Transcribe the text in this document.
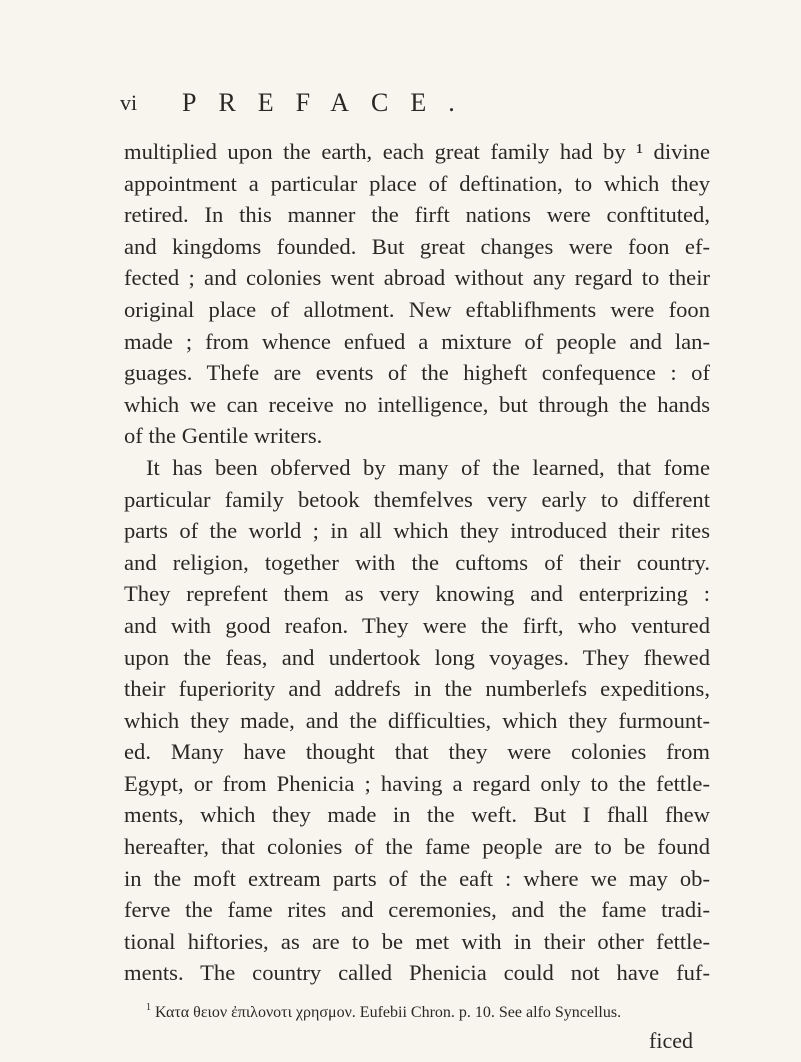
vi PREFACE.
multiplied upon the earth, each great family had by ¹ divine
appointment a particular place of deftination, to which they
retired. In this manner the firft nations were conftituted,
and kingdoms founded. But great changes were foon ef-
fected ; and colonies went abroad without any regard to their
original place of allotment. New eftablifhments were foon
made ; from whence enfued a mixture of people and lan-
guages. Thefe are events of the higheft confequence : of
which we can receive no intelligence, but through the hands
of the Gentile writers.
It has been obferved by many of the learned, that fome
particular family betook themfelves very early to different
parts of the world ; in all which they introduced their rites
and religion, together with the cuftoms of their country.
They reprefent them as very knowing and enterprizing :
and with good reafon. They were the firft, who ventured
upon the feas, and undertook long voyages. They fhewed
their fuperiority and addrefs in the numberlefs expeditions,
which they made, and the difficulties, which they furmount-
ed. Many have thought that they were colonies from
Egypt, or from Phenicia ; having a regard only to the fettle-
ments, which they made in the weft. But I fhall fhew
hereafter, that colonies of the fame people are to be found
in the moft extream parts of the eaft : where we may ob-
ferve the fame rites and ceremonies, and the fame tradi-
tional hiftories, as are to be met with in their other fettle-
ments. The country called Phenicia could not have fuf-
$^1$ Κατα θειον ἐπιλονοτι χρησμον. Eufebii Chron. p. 10. See alfo Syncellus.
ficed
